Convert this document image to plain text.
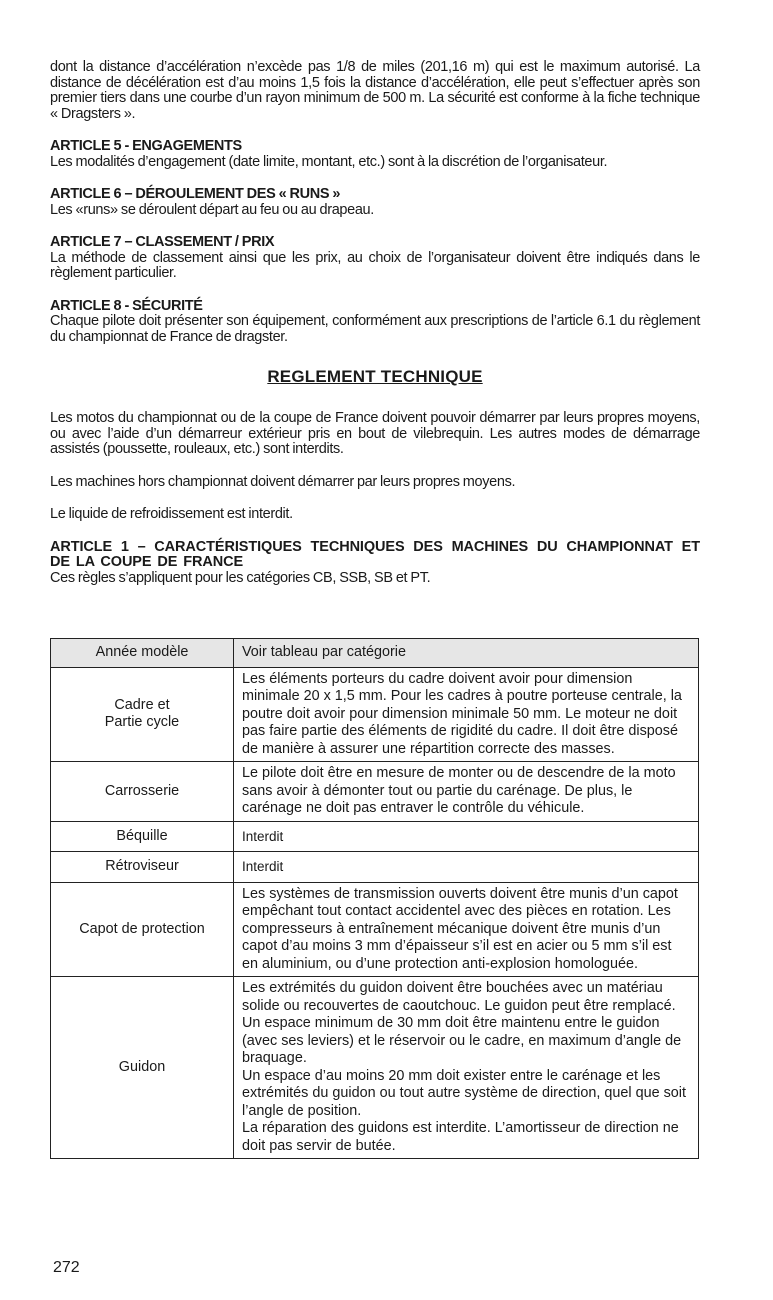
dont la distance d’accélération n’excède pas 1/8 de miles (201,16 m) qui est le maximum autorisé. La distance de décélération est d’au moins 1,5 fois la distance d’accélération, elle peut s’effectuer après son premier tiers dans une courbe d’un rayon minimum de 500 m. La sécurité est conforme à la fiche technique « Dragsters ».

ARTICLE 5 - ENGAGEMENTS

Les modalités d’engagement (date limite, montant, etc.) sont à la discrétion de l’organisateur.

ARTICLE 6 – DÉROULEMENT DES « RUNS »

Les «runs» se déroulent départ au feu ou au drapeau.

ARTICLE 7 – CLASSEMENT / PRIX

La méthode de classement ainsi que les prix, au choix de l’organisateur doivent être indiqués dans le règlement particulier.

ARTICLE 8 - SÉCURITÉ

Chaque pilote doit présenter son équipement, conformément aux prescriptions de l’article 6.1 du règlement du championnat de France de dragster.

REGLEMENT TECHNIQUE

Les motos du championnat ou de la coupe de France doivent pouvoir démarrer par leurs propres moyens, ou avec l’aide d’un démarreur extérieur pris en bout de vilebrequin. Les autres modes de démarrage assistés (poussette, rouleaux, etc.) sont interdits.

Les machines hors championnat doivent démarrer par leurs propres moyens.

Le liquide de refroidissement est interdit.

ARTICLE 1 – CARACTÉRISTIQUES TECHNIQUES DES MACHINES DU CHAMPIONNAT ET DE LA COUPE DE FRANCE

Ces règles s’appliquent pour les catégories CB, SSB, SB et PT.

Année modèle	Voir tableau par catégorie
Cadre et
Partie cycle	Les éléments porteurs du cadre doivent avoir pour dimension minimale 20 x 1,5 mm. Pour les cadres à poutre porteuse centrale, la poutre doit avoir pour dimension minimale 50 mm. Le moteur ne doit pas faire partie des éléments de rigidité du cadre. Il doit être disposé de manière à assurer une répartition correcte des masses.
Carrosserie	Le pilote doit être en mesure de monter ou de descendre de la moto sans avoir à démonter tout ou partie du carénage. De plus, le carénage ne doit pas entraver le contrôle du véhicule.
Béquille	Interdit
Rétroviseur	Interdit
Capot de protection	Les systèmes de transmission ouverts doivent être munis d’un capot empêchant tout contact accidentel avec des pièces en rotation. Les compresseurs à entraînement mécanique doivent être munis d’un capot d’au moins 3 mm d’épaisseur s’il est en acier ou 5 mm s’il est en aluminium, ou d’une protection anti-explosion homologuée.
Guidon	Les extrémités du guidon doivent être bouchées avec un matériau solide ou recouvertes de caoutchouc. Le guidon peut être remplacé.
Un espace minimum de 30 mm doit être maintenu entre le guidon (avec ses leviers) et le réservoir ou le cadre, en maximum d’angle de braquage.
Un espace d’au moins 20 mm doit exister entre le carénage et les extrémités du guidon ou tout autre système de direction, quel que soit l’angle de position.
La réparation des guidons est interdite. L’amortisseur de direction ne doit pas servir de butée.
272
